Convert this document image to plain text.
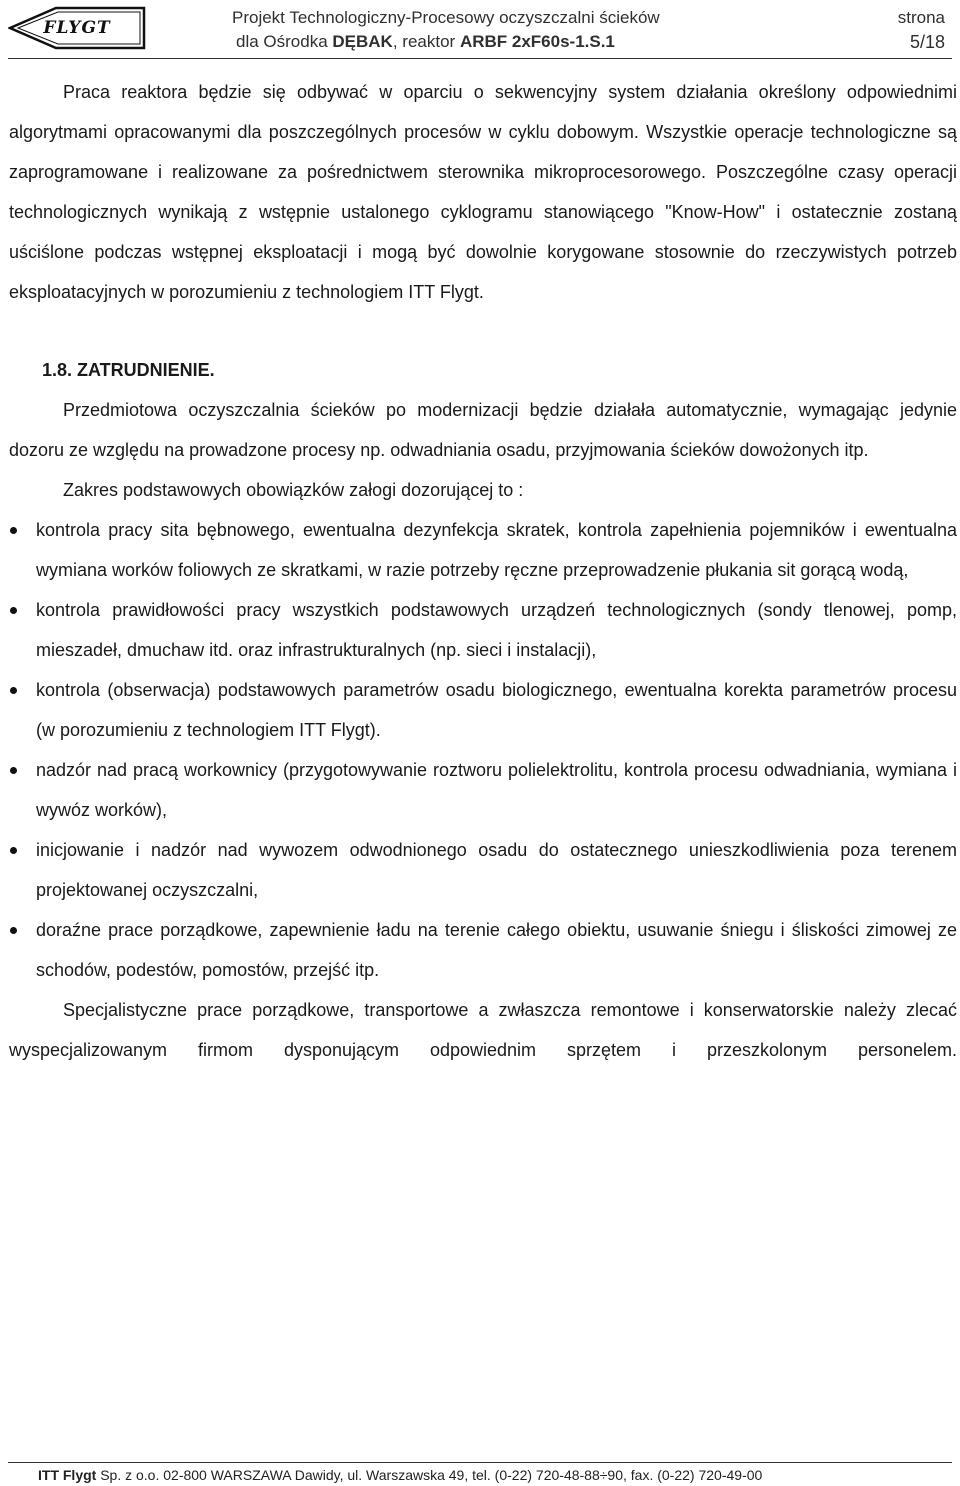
FLYGT
Projekt Technologiczny-Procesowy oczyszczalni ścieków
dla Ośrodka DĘBAK, reaktor ARBF 2xF60s-1.S.1
strona
5/18

Praca reaktora będzie się odbywać w oparciu o sekwencyjny system działania określony odpowiednimi algorytmami opracowanymi dla poszczególnych procesów w cyklu dobowym. Wszystkie operacje technologiczne są zaprogramowane i realizowane za pośrednictwem sterownika mikroprocesorowego. Poszczególne czasy operacji technologicznych wynikają z wstępnie ustalonego cyklogramu stanowiącego "Know-How" i ostatecznie zostaną uściślone podczas wstępnej eksploatacji i mogą być dowolnie korygowane stosownie do rzeczywistych potrzeb eksploatacyjnych w porozumieniu z technologiem ITT Flygt.

1.8. ZATRUDNIENIE.

Przedmiotowa oczyszczalnia ścieków po modernizacji będzie działała automatycznie, wymagając jedynie dozoru ze względu na prowadzone procesy np. odwadniania osadu, przyjmowania ścieków dowożonych itp.

Zakres podstawowych obowiązków załogi dozorującej to :

kontrola pracy sita bębnowego, ewentualna dezynfekcja skratek, kontrola zapełnienia pojemników i ewentualna wymiana worków foliowych ze skratkami, w razie potrzeby ręczne przeprowadzenie płukania sit gorącą wodą,
kontrola prawidłowości pracy wszystkich podstawowych urządzeń technologicznych (sondy tlenowej, pomp, mieszadeł, dmuchaw itd. oraz infrastrukturalnych (np. sieci i instalacji),
kontrola (obserwacja) podstawowych parametrów osadu biologicznego, ewentualna korekta parametrów procesu (w porozumieniu z technologiem ITT Flygt).
nadzór nad pracą workownicy (przygotowywanie roztworu polielektrolitu, kontrola procesu odwadniania, wymiana i wywóz worków),
inicjowanie i nadzór nad wywozem odwodnionego osadu do ostatecznego unieszkodliwienia poza terenem projektowanej oczyszczalni,
doraźne prace porządkowe, zapewnienie ładu na terenie całego obiektu, usuwanie śniegu i śliskości zimowej ze schodów, podestów, pomostów, przejść itp.

Specjalistyczne prace porządkowe, transportowe a zwłaszcza remontowe i konserwatorskie należy zlecać wyspecjalizowanym firmom dysponującym odpowiednim sprzętem i przeszkolonym personelem.

ITT Flygt Sp. z o.o. 02-800 WARSZAWA Dawidy, ul. Warszawska 49, tel. (0-22) 720-48-88÷90, fax. (0-22) 720-49-00
